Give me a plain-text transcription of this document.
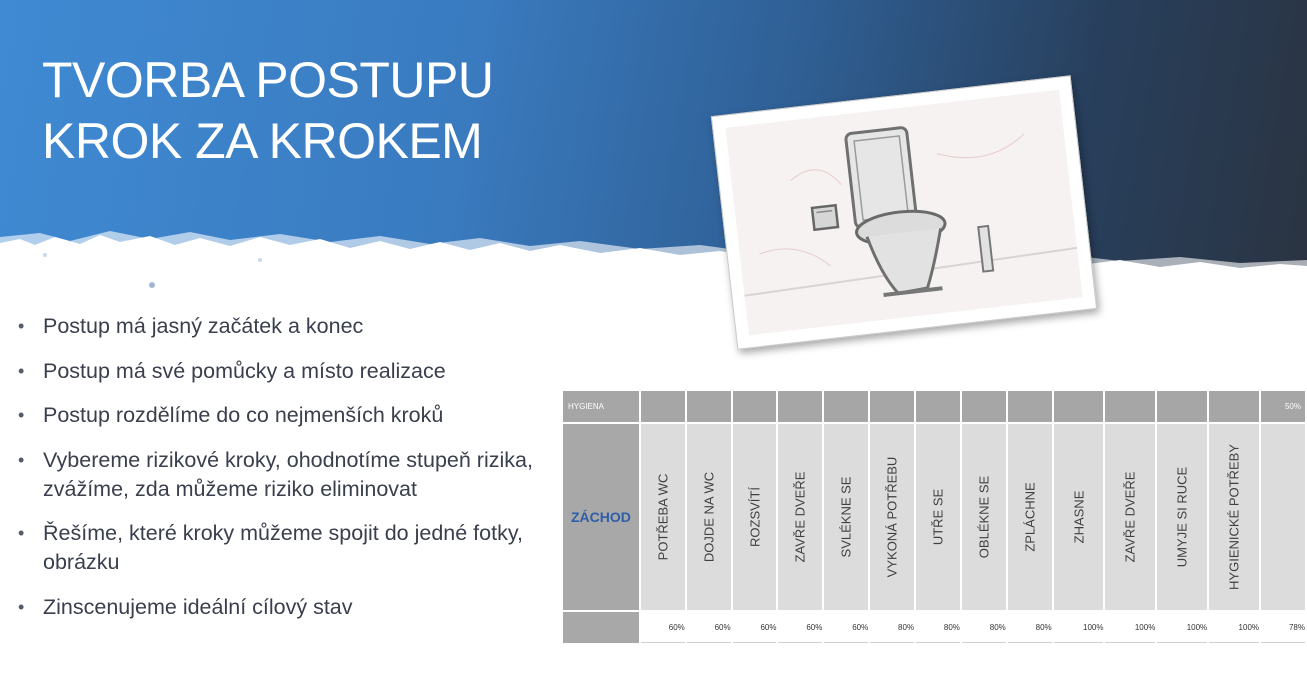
TVORBA POSTUPU
KROK ZA KROKEM
• Postup má jasný začátek a konec
• Postup má své pomůcky a místo realizace
• Postup rozdělíme do co nejmenších kroků
• Vybereme rizikové kroky, ohodnotíme stupeň rizika, zvážíme, zda můžeme riziko eliminovat
• Řešíme, které kroky můžeme spojit do jedné fotky, obrázku
• Zinscenujeme ideální cílový stav
HYGIENA														50%
ZÁCHOD	POTŘEBA WC	DOJDE NA WC	ROZSVÍTÍ	ZAVŘE DVEŘE	SVLÉKNE SE	VYKONÁ POTŘEBU	UTŘE SE	OBLÉKNE SE	ZPLÁCHNE	ZHASNE	ZAVŘE DVEŘE	UMYJE SI RUCE	HYGIENICKÉ POTŘEBY	

	60%	60%	60%	60%	60%	80%	80%	80%	80%	100%	100%	100%	100%	78%
